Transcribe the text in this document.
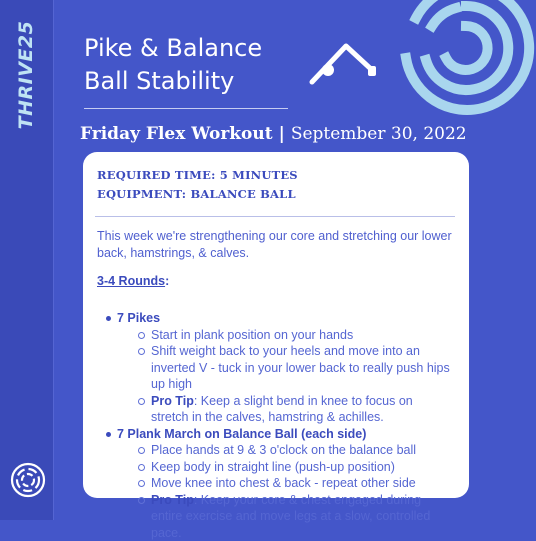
THRIVE25 Pike & Balance
Ball Stability
Friday Flex Workout | September 30, 2022
REQUIRED TIME: 5 MINUTES
EQUIPMENT: BALANCE BALL
This week we're strengthening our core and stretching our lower back, hamstrings, & calves.
3-4 Rounds:
7 Pikes
Start in plank position on your hands
Shift weight back to your heels and move into an inverted V - tuck in your lower back to really push hips up high
Pro Tip: Keep a slight bend in knee to focus on stretch in the calves, hamstring & achilles.
7 Plank March on Balance Ball (each side)
Place hands at 9 & 3 o'clock on the balance ball
Keep body in straight line (push-up position)
Move knee into chest & back - repeat other side
Pro Tip: Keep your core & chest engaged during entire exercise and move legs at a slow, controlled pace.
